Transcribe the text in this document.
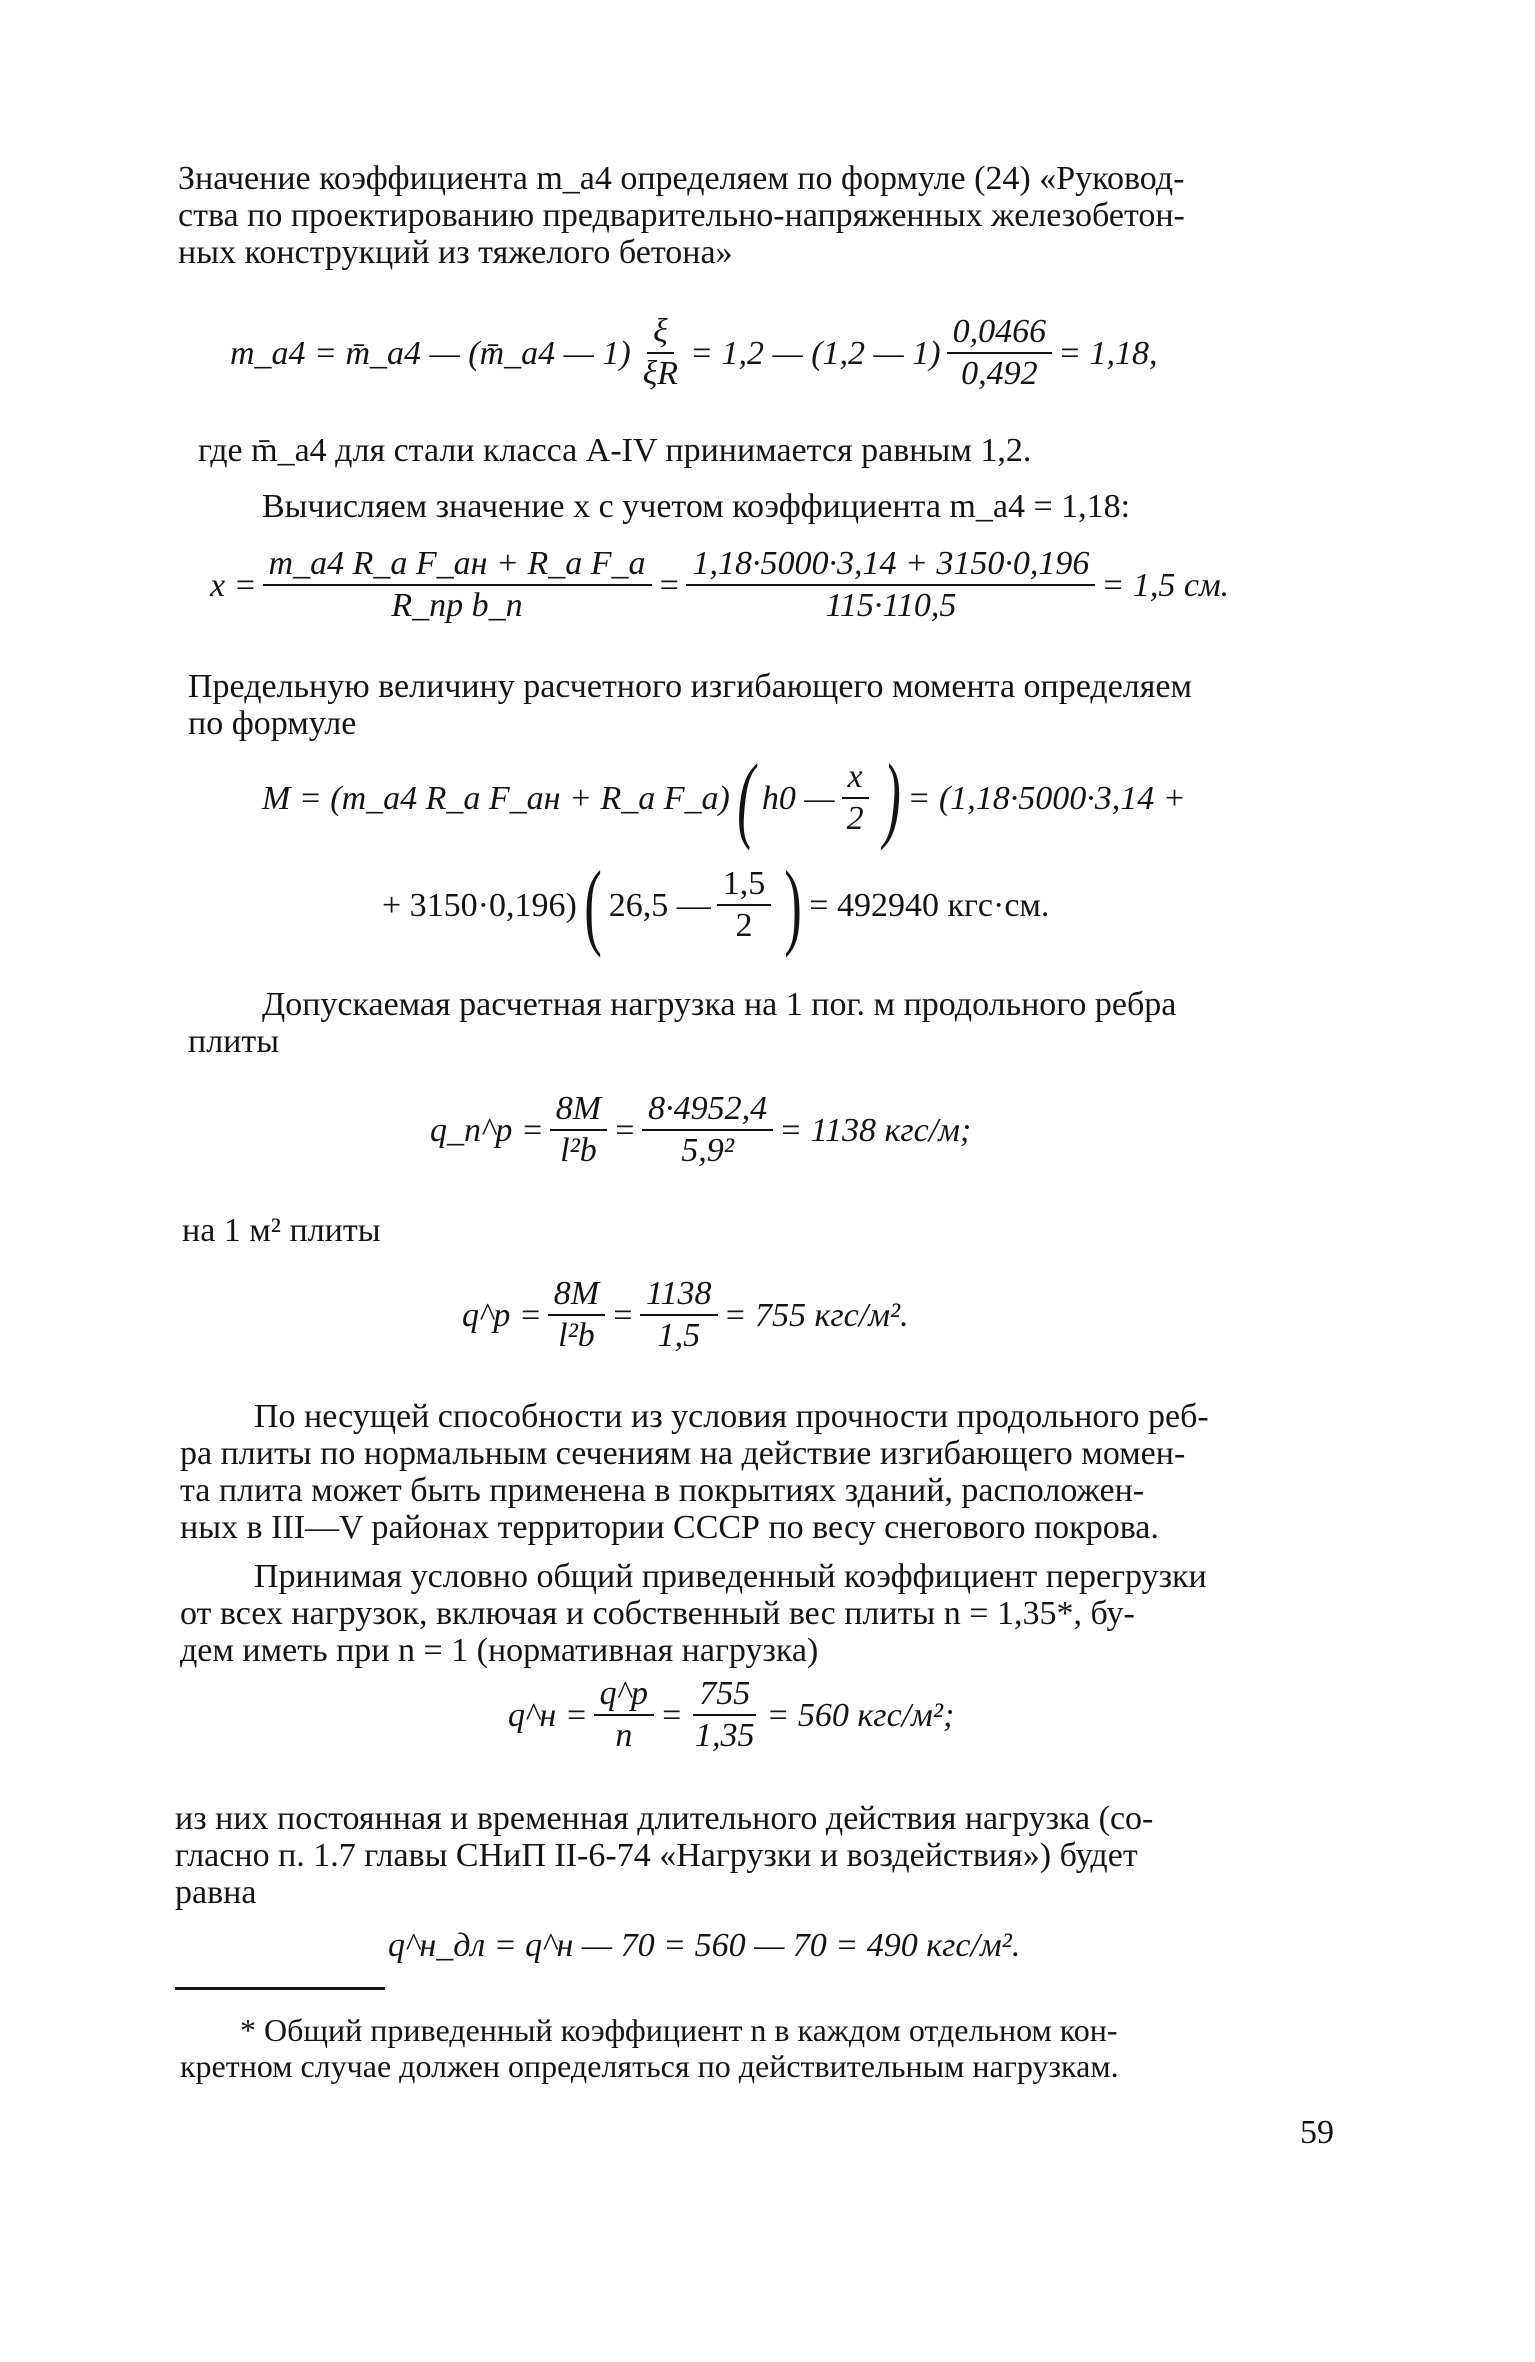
Значение коэффициента m_a4 определяем по формуле (24) «Руковод-
ства по проектированию предварительно-напряженных железобетон-
ных конструкций из тяжелого бетона»
m_a4 = m̄_a4 — (m̄_a4 — $1) \frac{\xi}{\xi R} = 1,2$ — (1,2 — $1) \frac{0,0466}{0,492} = 1,18$,
где m̄_a4 для стали класса А-IV принимается равным 1,2.
Вычисляем значение x с учетом коэффициента m_a4 = 1,18:
$x = \frac{\text{m\_a4 R\_a F\_aн + R\_a F\_a}}{\text{R\_пр b\_п}} = \frac{1,18\cdot 5000\cdot 3,14 + 3150\cdot 0,196}{115\cdot 110,5} = 1,5$ см.
Предельную величину расчетного изгибающего момента определяем
по формуле
M = (m_a4 R_a F_aн + R_a F_a) ( h0 — $\frac{x}{2}$ ) = (1,18·5000·3,14 +
+ 3150·0,196) ( 26,5 — $\frac{1,5}{2}$ ) = 492940 кгс·см.
Допускаемая расчетная нагрузка на 1 пог. м продольного ребра
плиты
q_п^р = $\frac{8M}{\text{l²b}} = \frac{8\cdot 4952,4}{\text{5,9²}} = 1138$ кгс/м;
на 1 м² плиты
q^р = $\frac{8M}{\text{l²b}} = \frac{1138}{1,5} = 755$ кгс/м².
По несущей способности из условия прочности продольного реб-
ра плиты по нормальным сечениям на действие изгибающего момен-
та плита может быть применена в покрытиях зданий, расположен-
ных в III—V районах территории СССР по весу снегового покрова.
Принимая условно общий приведенный коэффициент перегрузки
от всех нагрузок, включая и собственный вес плиты n = 1,35*, бу-
дем иметь при n = 1 (нормативная нагрузка)
q^н = $\frac{q\^{}р}{n} = \frac{755}{1,35} = 560$ кгс/м²;
из них постоянная и временная длительного действия нагрузка (со-
гласно п. 1.7 главы СНиП II-6-74 «Нагрузки и воздействия») будет
равна
q^н_дл = q^н — 70 = 560 — 70 = 490 кгс/м².
* Общий приведенный коэффициент n в каждом отдельном кон-
кретном случае должен определяться по действительным нагрузкам.
59
